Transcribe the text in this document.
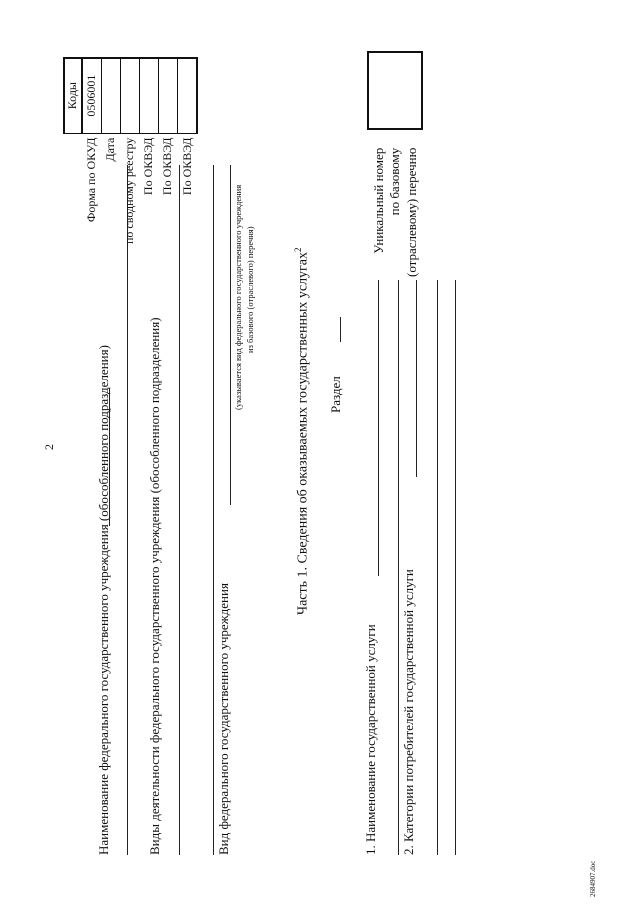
2	Наименование федерального государственного учреждения (обособленного подразделения)	Виды деятельности федерального государственного учреждения (обособленного подразделения)	Вид федерального государственного учреждения
(указывается вид федерального государственного учреждения из базового (отраслевого) перечня)	Часть 1. Сведения об оказываемых государственных услугах$^2$
Раздел
1. Наименование государственной услуги 2. Категории потребителей государственной услуги
	Коды
Форма по ОКУД	0506001
Дата	
по сводному реестру	
По ОКВЭД	
По ОКВЭД	
По ОКВЭД		Уникальный номер по базовому (отраслевому) перечню
2684907.doc
